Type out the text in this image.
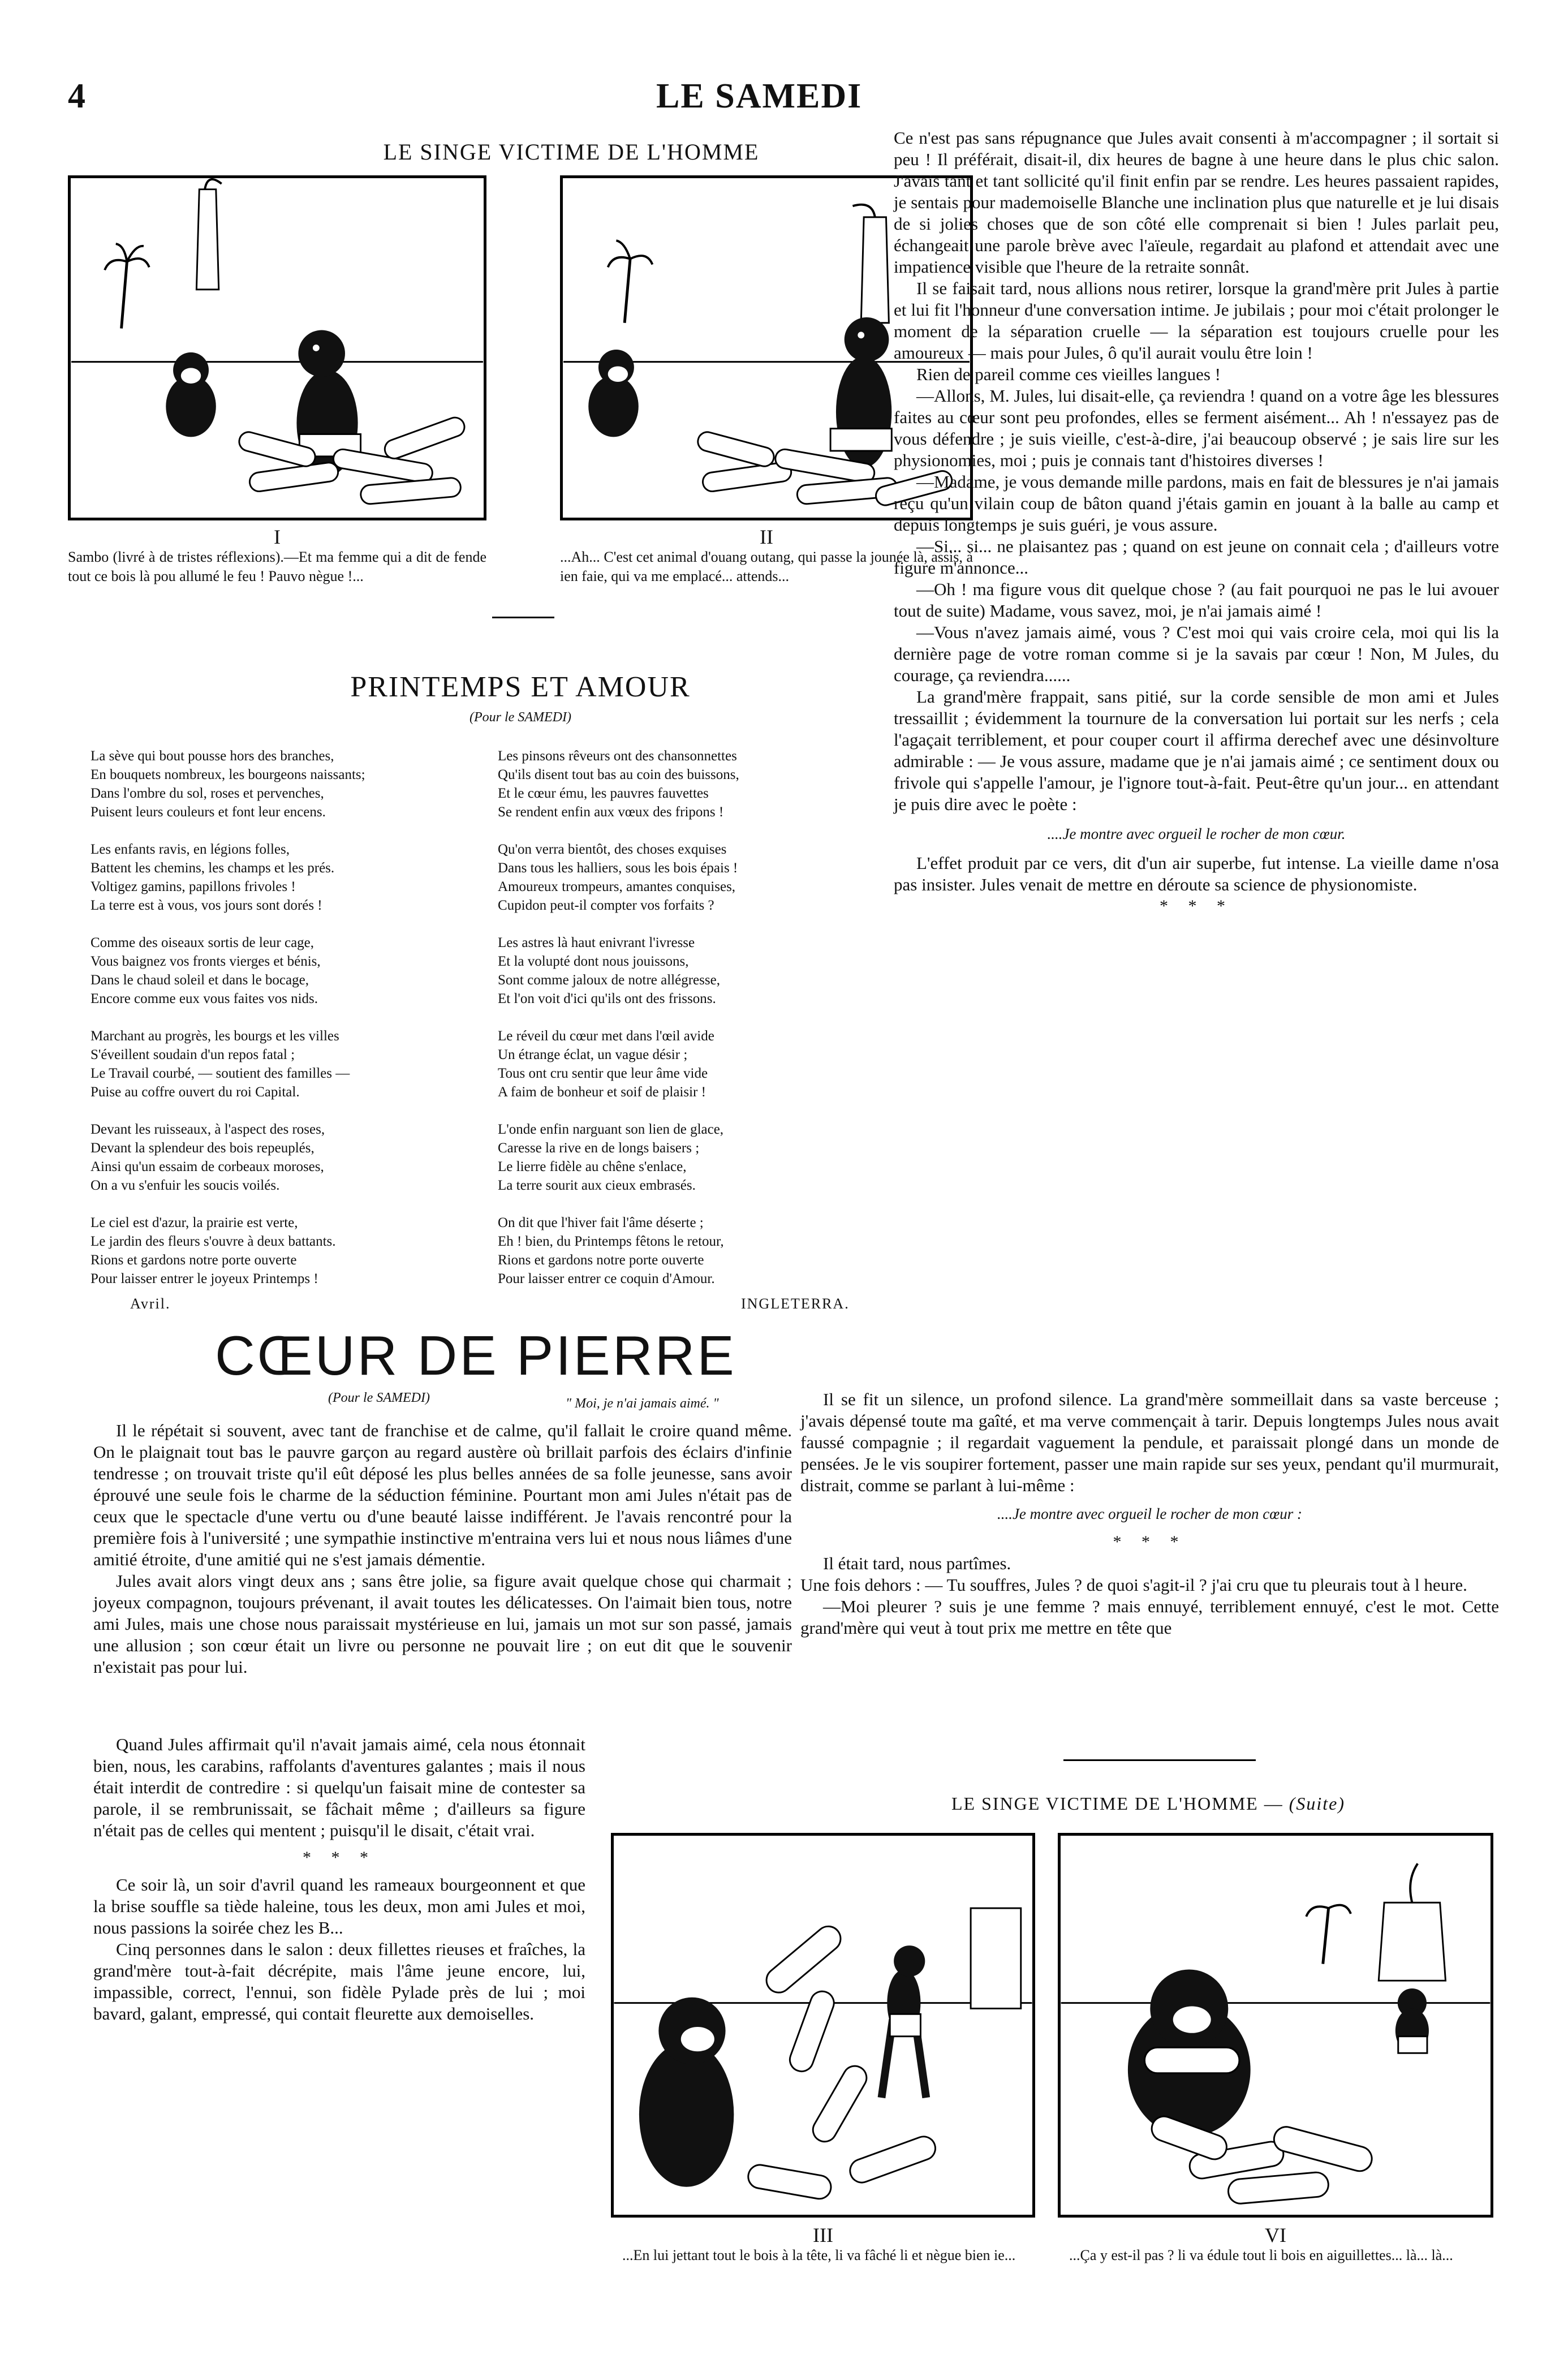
4	LE SAMEDI
LE SINGE VICTIME DE L'HOMME
I
Sambo (livré à de tristes réflexions).—Et ma femme qui a dit de fende tout ce bois là pou allumé le feu ! Pauvo nègue !...
II
...Ah... C'est cet animal d'ouang outang, qui passe la jounée là, assis, à ien faie, qui va me emplacé... attends...
PRINTEMPS ET AMOUR
(Pour le SAMEDI)
La sève qui bout pousse hors des branches,
En bouquets nombreux, les bourgeons naissants;
Dans l'ombre du sol, roses et pervenches,
Puisent leurs couleurs et font leur encens.
Les enfants ravis, en légions folles,
Battent les chemins, les champs et les prés.
Voltigez gamins, papillons frivoles !
La terre est à vous, vos jours sont dorés !
Comme des oiseaux sortis de leur cage,
Vous baignez vos fronts vierges et bénis,
Dans le chaud soleil et dans le bocage,
Encore comme eux vous faites vos nids.
Marchant au progrès, les bourgs et les villes
S'éveillent soudain d'un repos fatal ;
Le Travail courbé, — soutient des familles —
Puise au coffre ouvert du roi Capital.
Devant les ruisseaux, à l'aspect des roses,
Devant la splendeur des bois repeuplés,
Ainsi qu'un essaim de corbeaux moroses,
On a vu s'enfuir les soucis voilés.
Le ciel est d'azur, la prairie est verte,
Le jardin des fleurs s'ouvre à deux battants.
Rions et gardons notre porte ouverte
Pour laisser entrer le joyeux Printemps !
Les pinsons rêveurs ont des chansonnettes
Qu'ils disent tout bas au coin des buissons,
Et le cœur ému, les pauvres fauvettes
Se rendent enfin aux vœux des fripons !
Qu'on verra bientôt, des choses exquises
Dans tous les halliers, sous les bois épais !
Amoureux trompeurs, amantes conquises,
Cupidon peut-il compter vos forfaits ?
Les astres là haut enivrant l'ivresse
Et la volupté dont nous jouissons,
Sont comme jaloux de notre allégresse,
Et l'on voit d'ici qu'ils ont des frissons.
Le réveil du cœur met dans l'œil avide
Un étrange éclat, un vague désir ;
Tous ont cru sentir que leur âme vide
A faim de bonheur et soif de plaisir !
L'onde enfin narguant son lien de glace,
Caresse la rive en de longs baisers ;
Le lierre fidèle au chêne s'enlace,
La terre sourit aux cieux embrasés.
On dit que l'hiver fait l'âme déserte ;
Eh ! bien, du Printemps fêtons le retour,
Rions et gardons notre porte ouverte
Pour laisser entrer ce coquin d'Amour.
Avril.	INGLETERRA.

Ce n'est pas sans répugnance que Jules avait consenti à m'accompagner ; il sortait si peu ! Il préférait, disait-il, dix heures de bagne à une heure dans le plus chic salon. J'avais tant et tant sollicité qu'il finit enfin par se rendre. Les heures passaient rapides, je sentais pour mademoiselle Blanche une inclination plus que naturelle et je lui disais de si jolies choses que de son côté elle comprenait si bien ! Jules parlait peu, échangeait une parole brève avec l'aïeule, regardait au plafond et attendait avec une impatience visible que l'heure de la retraite sonnât.

Il se faisait tard, nous allions nous retirer, lorsque la grand'mère prit Jules à partie et lui fit l'honneur d'une conversation intime. Je jubilais ; pour moi c'était prolonger le moment de la séparation cruelle — la séparation est toujours cruelle pour les amoureux — mais pour Jules, ô qu'il aurait voulu être loin !

Rien de pareil comme ces vieilles langues !

—Allons, M. Jules, lui disait-elle, ça reviendra ! quand on a votre âge les blessures faites au cœur sont peu profondes, elles se ferment aisément... Ah ! n'essayez pas de vous défendre ; je suis vieille, c'est-à-dire, j'ai beaucoup observé ; je sais lire sur les physionomies, moi ; puis je connais tant d'histoires diverses !

—Madame, je vous demande mille pardons, mais en fait de blessures je n'ai jamais reçu qu'un vilain coup de bâton quand j'étais gamin en jouant à la balle au camp et depuis longtemps je suis guéri, je vous assure.

—Si... si... ne plaisantez pas ; quand on est jeune on connait cela ; d'ailleurs votre figure m'annonce...

—Oh ! ma figure vous dit quelque chose ? (au fait pourquoi ne pas le lui avouer tout de suite) Madame, vous savez, moi, je n'ai jamais aimé !

—Vous n'avez jamais aimé, vous ? C'est moi qui vais croire cela, moi qui lis la dernière page de votre roman comme si je la savais par cœur ! Non, M Jules, du courage, ça reviendra......

La grand'mère frappait, sans pitié, sur la corde sensible de mon ami et Jules tressaillit ; évidemment la tournure de la conversation lui portait sur les nerfs ; cela l'agaçait terriblement, et pour couper court il affirma derechef avec une désinvolture admirable : — Je vous assure, madame que je n'ai jamais aimé ; ce sentiment doux ou frivole qui s'appelle l'amour, je l'ignore tout-à-fait. Peut-être qu'un jour... en attendant je puis dire avec le poète :

....Je montre avec orgueil le rocher de mon cœur.

L'effet produit par ce vers, dit d'un air superbe, fut intense. La vieille dame n'osa pas insister. Jules venait de mettre en déroute sa science de physionomiste.

* * *
CŒUR DE PIERRE
(Pour le SAMEDI)	" Moi, je n'ai jamais aimé. "

Il le répétait si souvent, avec tant de franchise et de calme, qu'il fallait le croire quand même. On le plaignait tout bas le pauvre garçon au regard austère où brillait parfois des éclairs d'infinie tendresse ; on trouvait triste qu'il eût déposé les plus belles années de sa folle jeunesse, sans avoir éprouvé une seule fois le charme de la séduction féminine. Pourtant mon ami Jules n'était pas de ceux que le spectacle d'une vertu ou d'une beauté laisse indifférent. Je l'avais rencontré pour la première fois à l'université ; une sympathie instinctive m'entraina vers lui et nous nous liâmes d'une amitié étroite, d'une amitié qui ne s'est jamais démentie.

Jules avait alors vingt deux ans ; sans être jolie, sa figure avait quelque chose qui charmait ; joyeux compagnon, toujours prévenant, il avait toutes les délicatesses. On l'aimait bien tous, notre ami Jules, mais une chose nous paraissait mystérieuse en lui, jamais un mot sur son passé, jamais une allusion ; son cœur était un livre ou personne ne pouvait lire ; on eut dit que le souvenir n'existait pas pour lui.

Quand Jules affirmait qu'il n'avait jamais aimé, cela nous étonnait bien, nous, les carabins, raffolants d'aventures galantes ; mais il nous était interdit de contredire : si quelqu'un faisait mine de contester sa parole, il se rembrunissait, se fâchait même ; d'ailleurs sa figure n'était pas de celles qui mentent ; puisqu'il le disait, c'était vrai.

* * *

Ce soir là, un soir d'avril quand les rameaux bourgeonnent et que la brise souffle sa tiède haleine, tous les deux, mon ami Jules et moi, nous passions la soirée chez les B...

Cinq personnes dans le salon : deux fillettes rieuses et fraîches, la grand'mère tout-à-fait décrépite, mais l'âme jeune encore, lui, impassible, correct, l'ennui, son fidèle Pylade près de lui ; moi bavard, galant, empressé, qui contait fleurette aux demoiselles.

Il se fit un silence, un profond silence. La grand'mère sommeillait dans sa vaste berceuse ; j'avais dépensé toute ma gaîté, et ma verve commençait à tarir. Depuis longtemps Jules nous avait faussé compagnie ; il regardait vaguement la pendule, et paraissait plongé dans un monde de pensées. Je le vis soupirer fortement, passer une main rapide sur ses yeux, pendant qu'il murmurait, distrait, comme se parlant à lui-même :

....Je montre avec orgueil le rocher de mon cœur :
* * *

Il était tard, nous partîmes.

Une fois dehors : — Tu souffres, Jules ? de quoi s'agit-il ? j'ai cru que tu pleurais tout à l heure.

—Moi pleurer ? suis je une femme ? mais ennuyé, terriblement ennuyé, c'est le mot. Cette grand'mère qui veut à tout prix me mettre en tête que

LE SINGE VICTIME DE L'HOMME — (Suite)
III
...En lui jettant tout le bois à la tête, li va fâché li et nègue bien ie...
VI
...Ça y est-il pas ? li va édule tout li bois en aiguillettes... là... là...
